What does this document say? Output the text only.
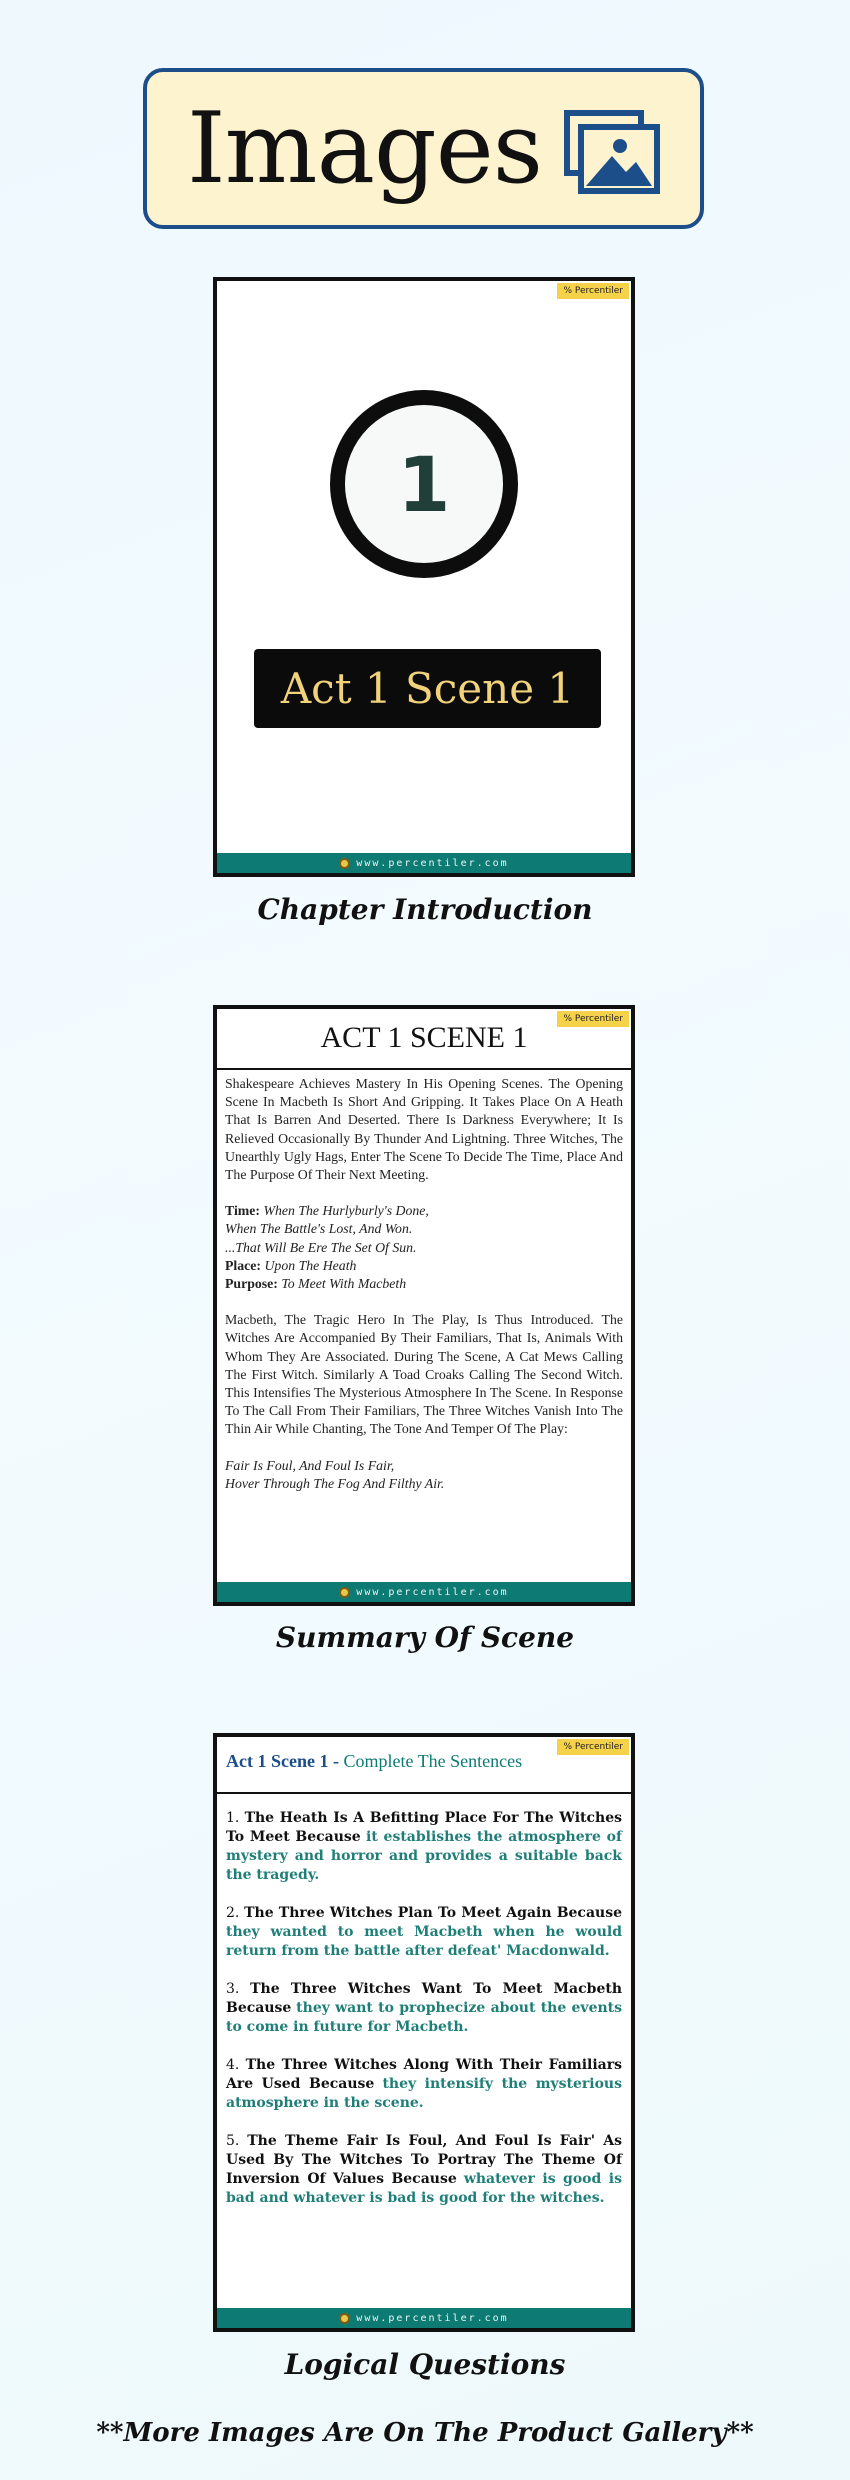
Images
% Percentiler
1
Act 1 Scene 1
www.percentiler.com
Chapter Introduction
% Percentiler
ACT 1 SCENE 1

Shakespeare Achieves Mastery In His Opening Scenes. The Opening Scene In Macbeth Is Short And Gripping. It Takes Place On A Heath That Is Barren And Deserted. There Is Darkness Everywhere; It Is Relieved Occasionally By Thunder And Lightning. Three Witches, The Unearthly Ugly Hags, Enter The Scene To Decide The Time, Place And The Purpose Of Their Next Meeting.

Time: When The Hurlyburly's Done,
When The Battle's Lost, And Won.
...That Will Be Ere The Set Of Sun.
Place: Upon The Heath
Purpose: To Meet With Macbeth

Macbeth, The Tragic Hero In The Play, Is Thus Introduced. The Witches Are Accompanied By Their Familiars, That Is, Animals With Whom They Are Associated. During The Scene, A Cat Mews Calling The First Witch. Similarly A Toad Croaks Calling The Second Witch. This Intensifies The Mysterious Atmosphere In The Scene. In Response To The Call From Their Familiars, The Three Witches Vanish Into The Thin Air While Chanting, The Tone And Temper Of The Play:

Fair Is Foul, And Foul Is Fair,
Hover Through The Fog And Filthy Air.

www.percentiler.com
Summary Of Scene
% Percentiler
Act 1 Scene 1 - Complete The Sentences
1. The Heath Is A Befitting Place For The Witches To Meet Because it establishes the atmosphere of mystery and horror and provides a suitable back the tragedy.
2. The Three Witches Plan To Meet Again Because they wanted to meet Macbeth when he would return from the battle after defeat' Macdonwald.
3. The Three Witches Want To Meet Macbeth Because they want to prophecize about the events to come in future for Macbeth.
4. The Three Witches Along With Their Familiars Are Used Because they intensify the mysterious atmosphere in the scene.
5. The Theme Fair Is Foul, And Foul Is Fair' As Used By The Witches To Portray The Theme Of Inversion Of Values Because whatever is good is bad and whatever is bad is good for the witches.
www.percentiler.com
Logical Questions
**More Images Are On The Product Gallery**
